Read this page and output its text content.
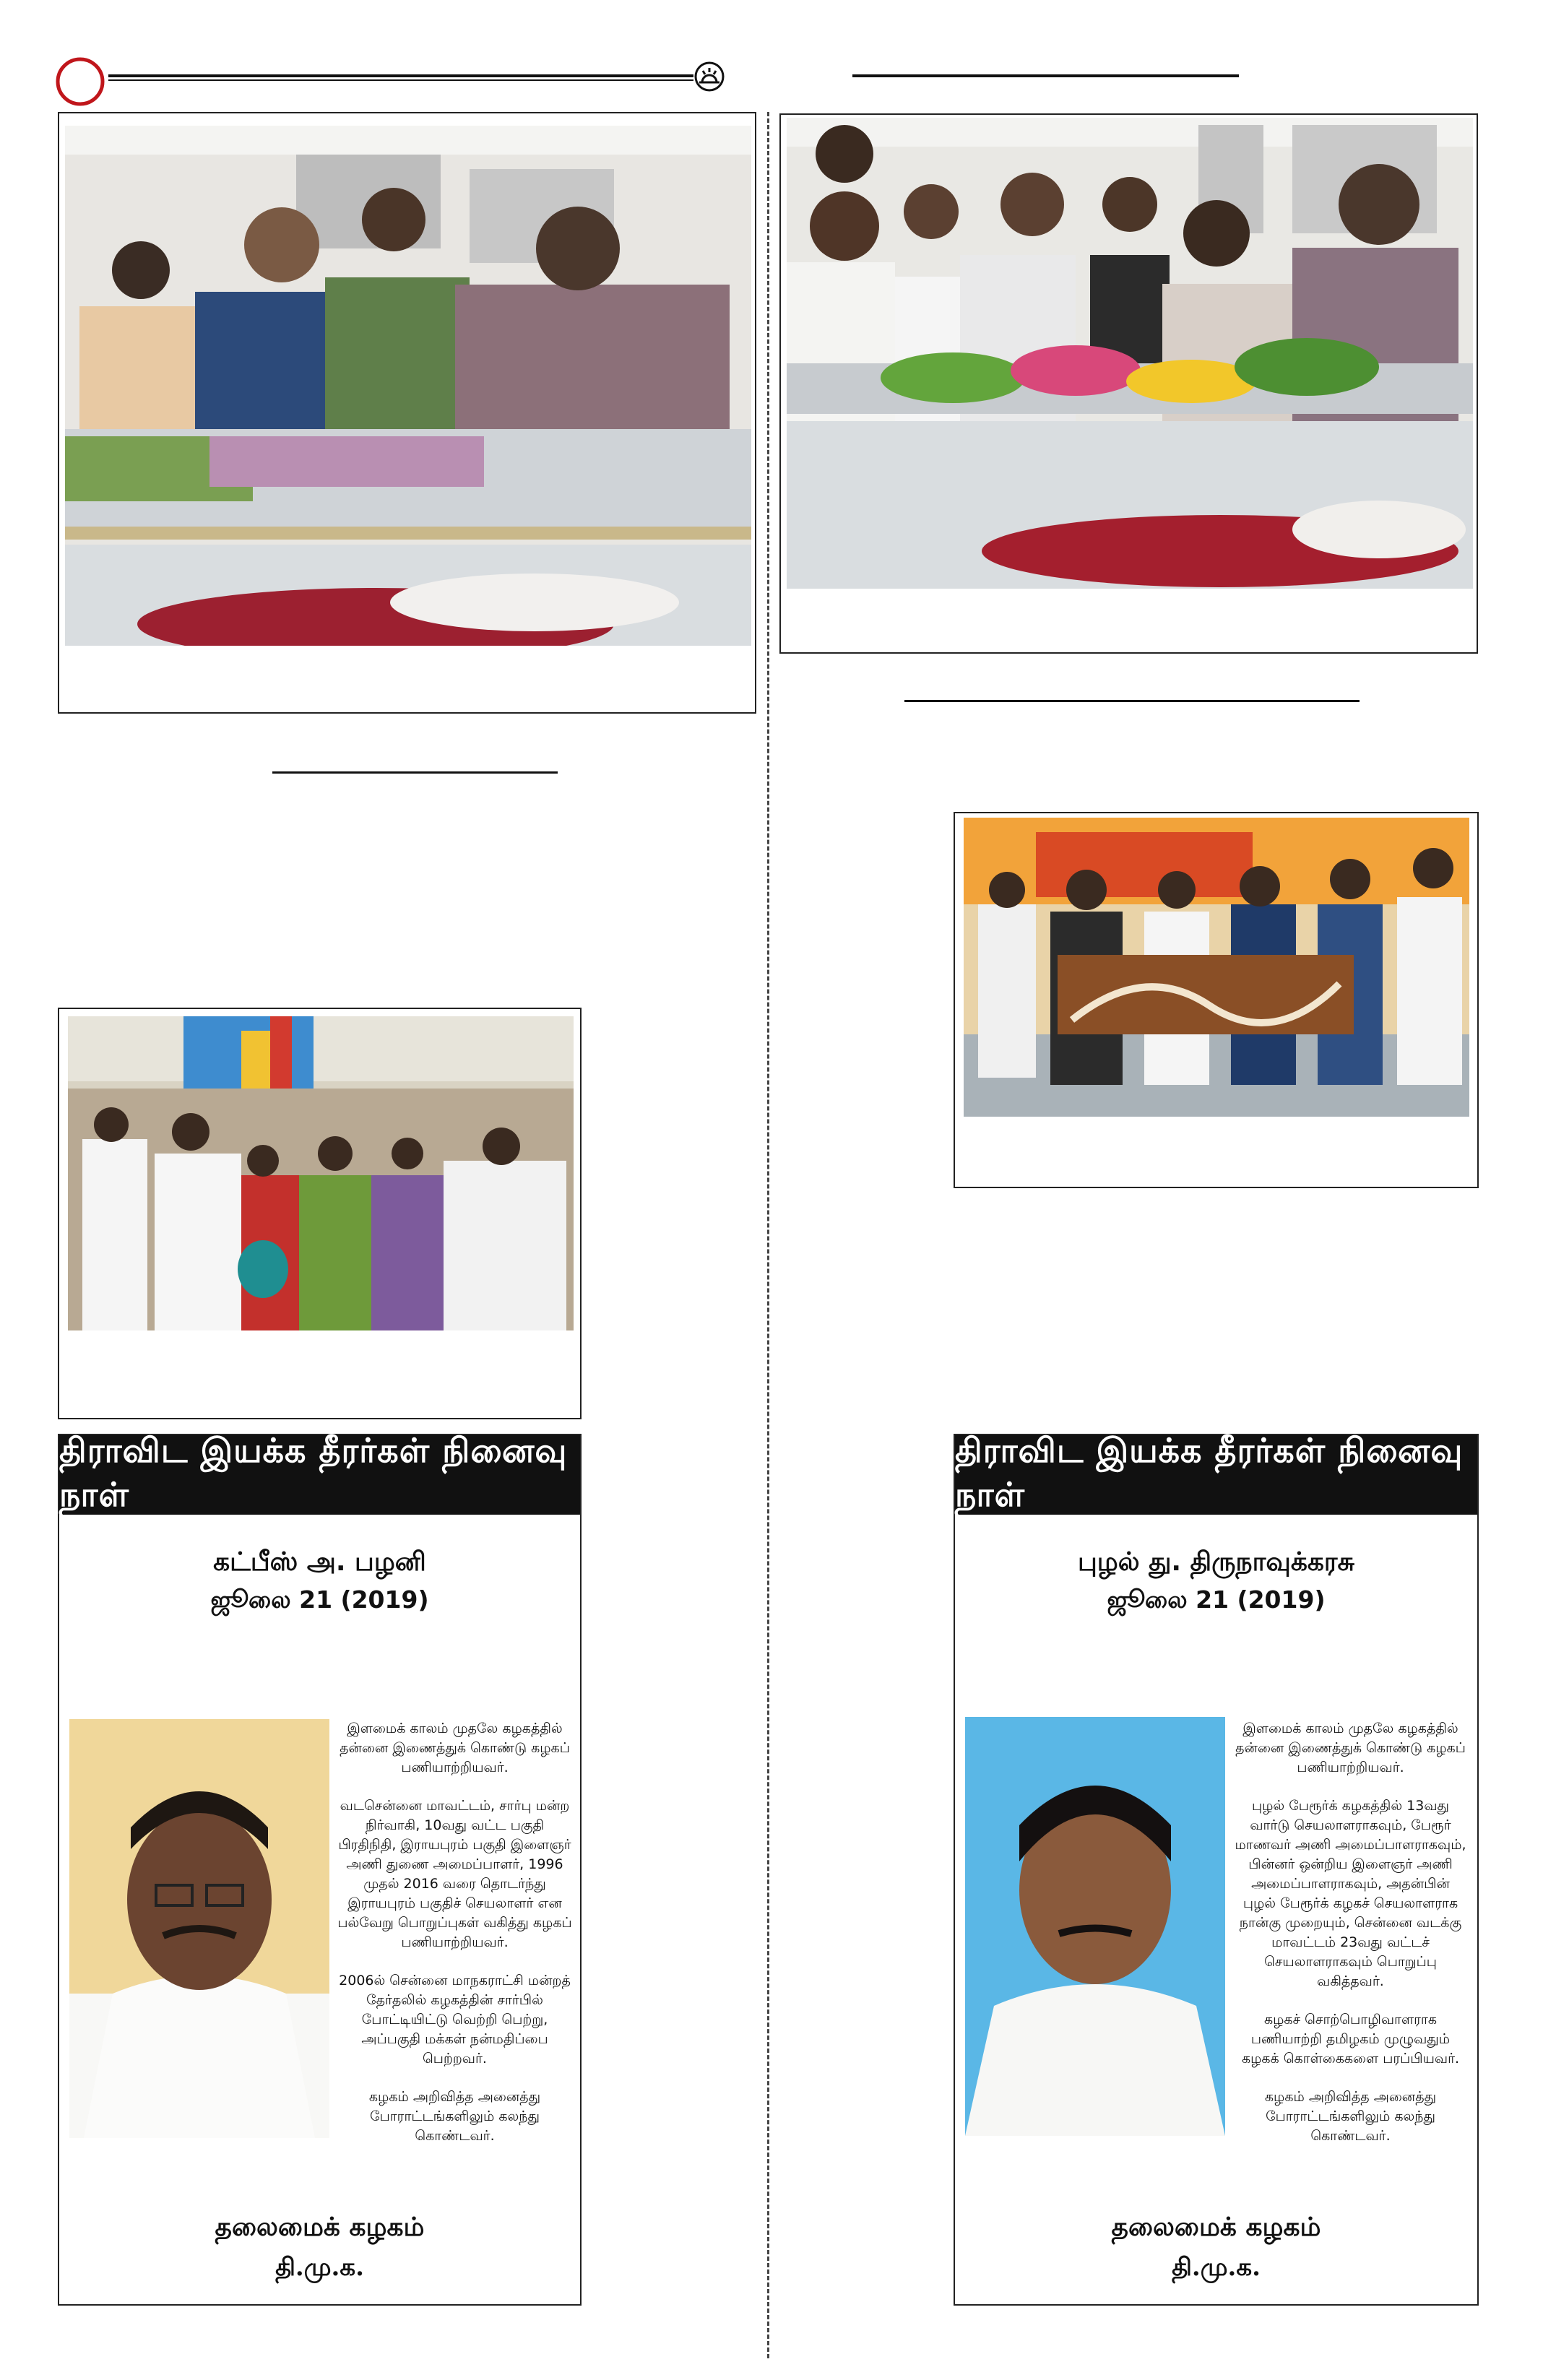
திராவிட இயக்க தீரர்கள் நினைவு நாள்
கட்பீஸ் அ. பழனி
ஜூலை 21 (2019)

இளமைக் காலம் முதலே கழகத்தில் தன்னை இணைத்துக் கொண்டு கழகப் பணியாற்றியவர்.

வடசென்னை மாவட்டம், சார்பு மன்ற நிர்வாகி, 10வது வட்ட பகுதி பிரதிநிதி, இராயபுரம் பகுதி இளைஞர் அணி துணை அமைப்பாளர், 1996 முதல் 2016 வரை தொடர்ந்து இராயபுரம் பகுதிச் செயலாளர் என பல்வேறு பொறுப்புகள் வகித்து கழகப் பணியாற்றியவர்.

2006ல் சென்னை மாநகராட்சி மன்றத் தேர்தலில் கழகத்தின் சார்பில் போட்டியிட்டு வெற்றி பெற்று, அப்பகுதி மக்கள் நன்மதிப்பை பெற்றவர்.

கழகம் அறிவித்த அனைத்து போராட்டங்களிலும் கலந்து கொண்டவர்.

தலைமைக் கழகம்
தி.மு.க.
திராவிட இயக்க தீரர்கள் நினைவு நாள்
புழல் து. திருநாவுக்கரசு
ஜூலை 21 (2019)

இளமைக் காலம் முதலே கழகத்தில் தன்னை இணைத்துக் கொண்டு கழகப் பணியாற்றியவர்.

புழல் பேரூர்க் கழகத்தில் 13வது வார்டு செயலாளராகவும், பேரூர் மாணவர் அணி அமைப்பாளராகவும், பின்னர் ஒன்றிய இளைஞர் அணி அமைப்பாளராகவும், அதன்பின் புழல் பேரூர்க் கழகச் செயலாளராக நான்கு முறையும், சென்னை வடக்கு மாவட்டம் 23வது வட்டச் செயலாளராகவும் பொறுப்பு வகித்தவர்.

கழகச் சொற்பொழிவாளராக பணியாற்றி தமிழகம் முழுவதும் கழகக் கொள்கைகளை பரப்பியவர்.

கழகம் அறிவித்த அனைத்து போராட்டங்களிலும் கலந்து கொண்டவர்.

தலைமைக் கழகம்
தி.மு.க.
